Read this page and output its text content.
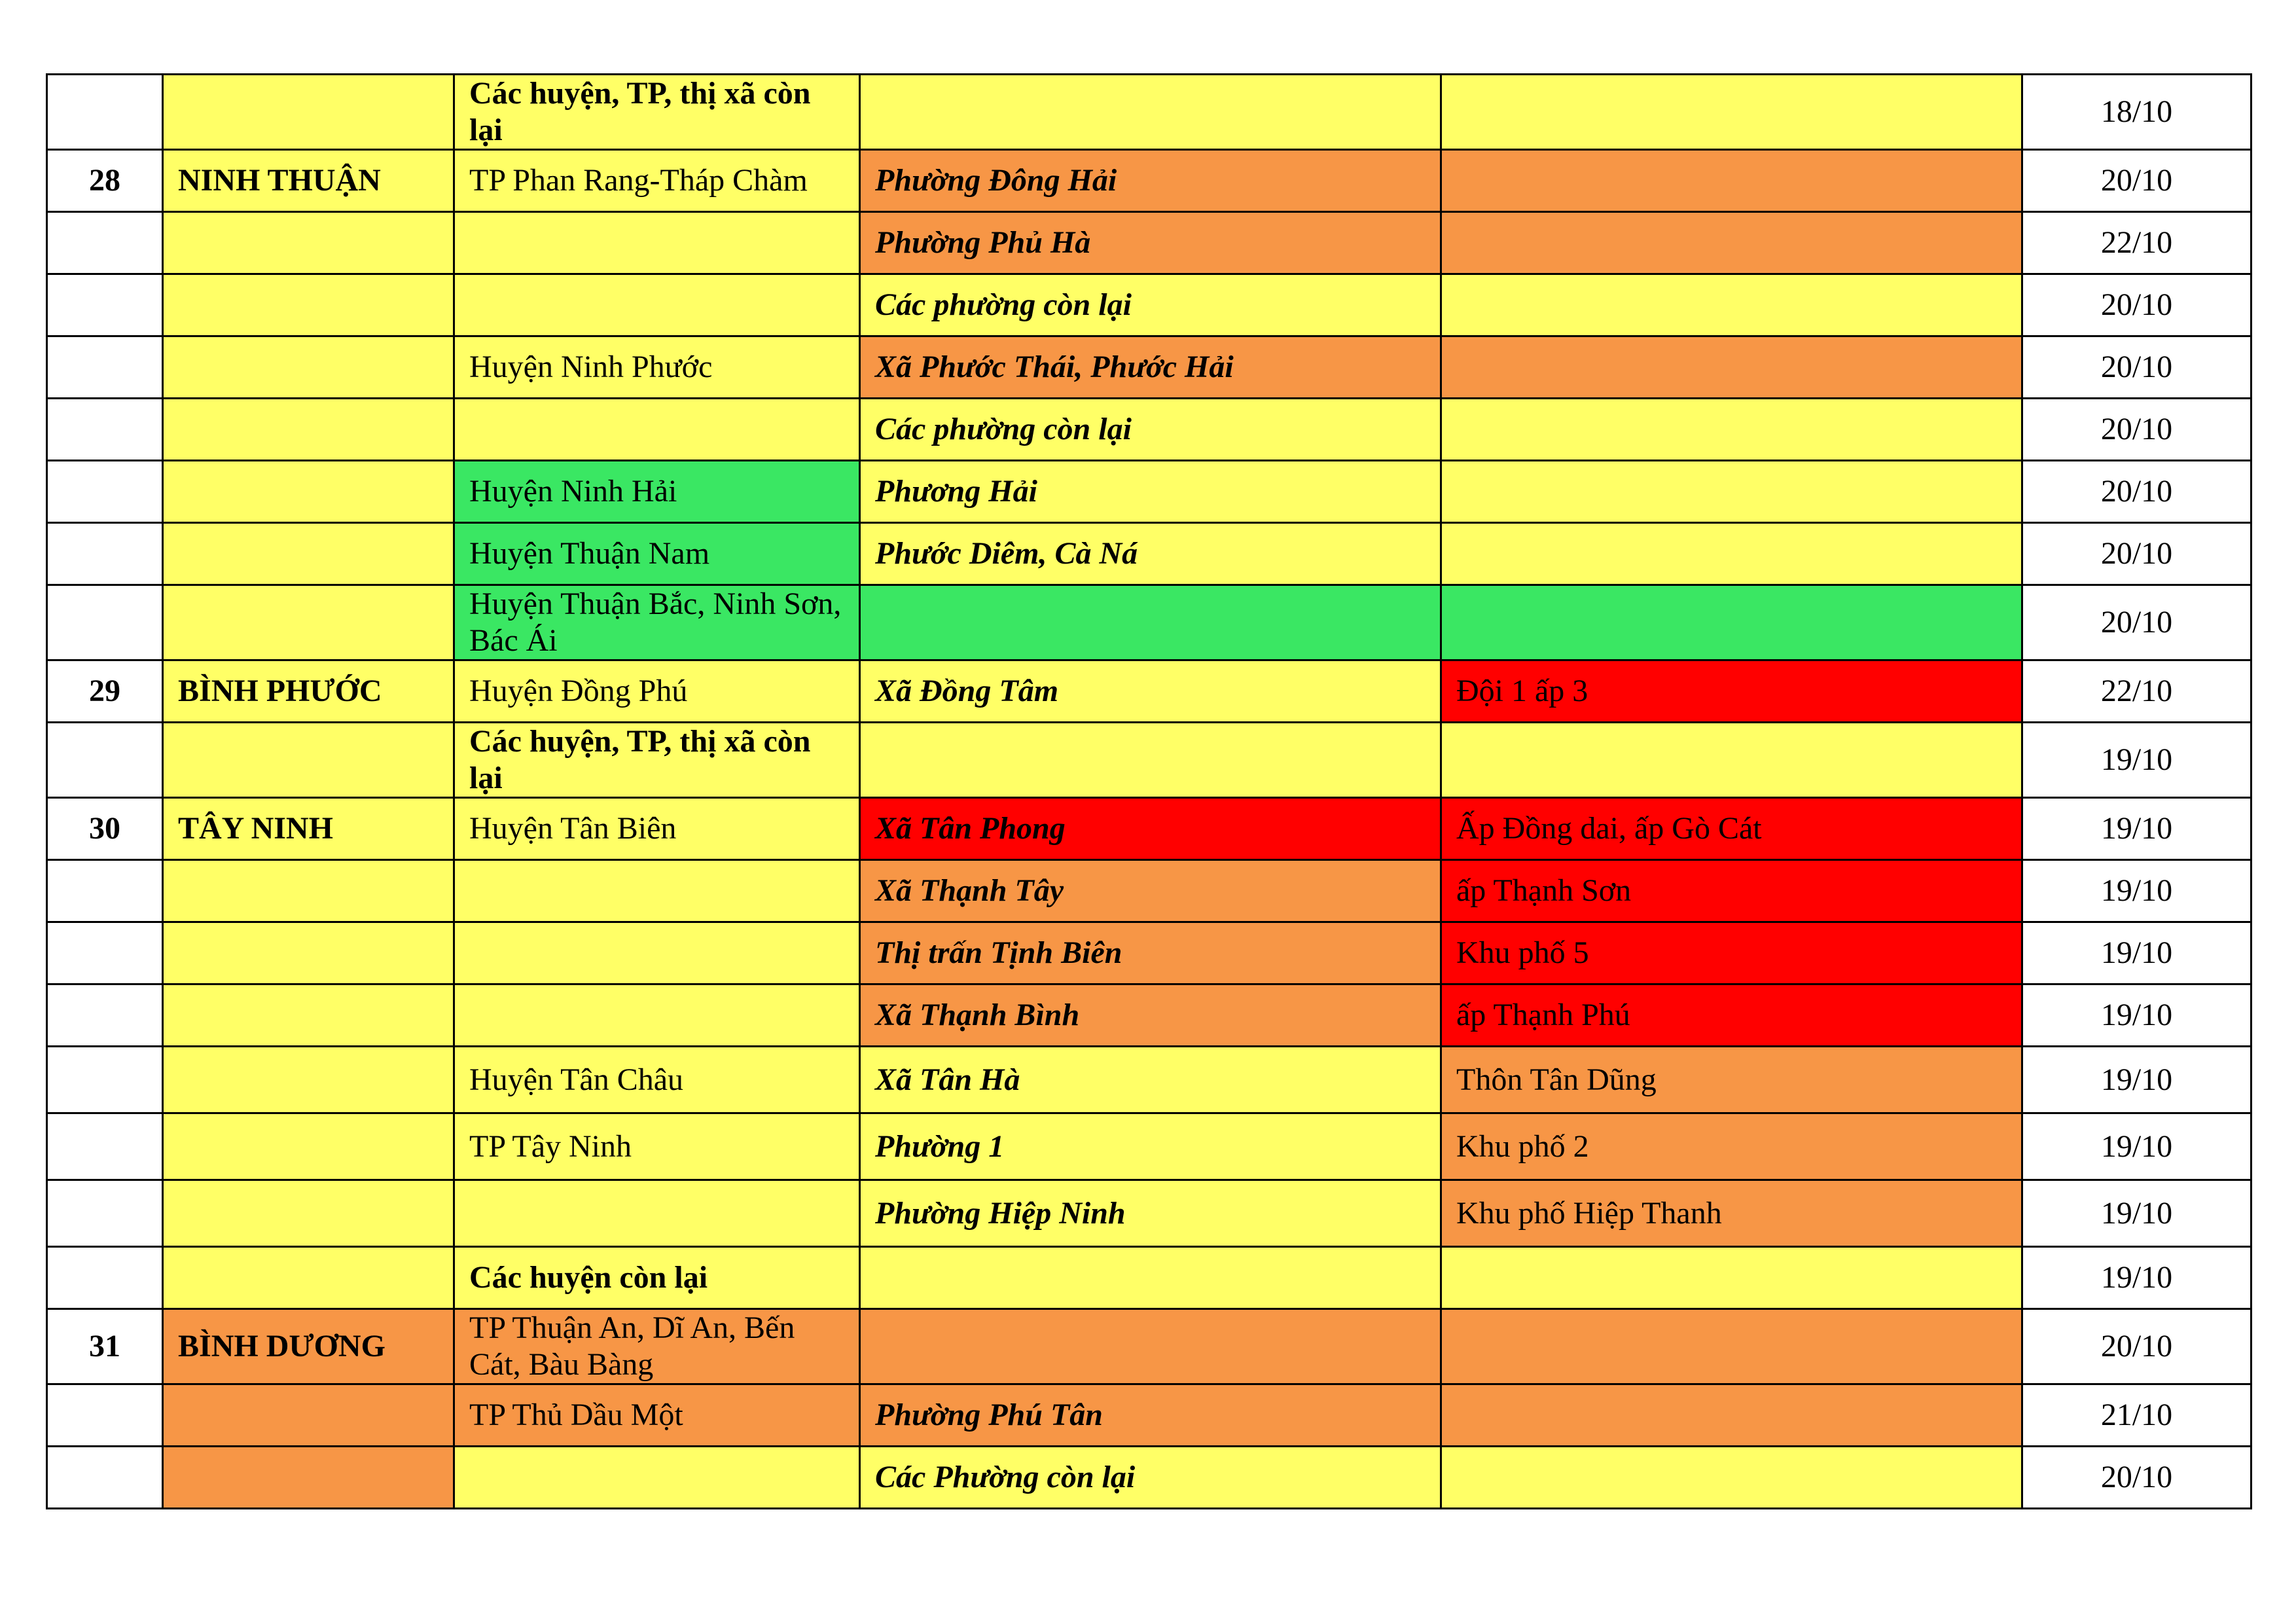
		Các huyện, TP, thị xã còn lại			18/10
28	NINH THUẬN	TP Phan Rang-Tháp Chàm	Phường Đông Hải		20/10
			Phường Phủ Hà		22/10
			Các phường còn lại		20/10
		Huyện Ninh Phước	Xã Phước Thái, Phước Hải		20/10
			Các phường còn lại		20/10
		Huyện Ninh Hải	Phương Hải		20/10
		Huyện Thuận Nam	Phước Diêm, Cà Ná		20/10
		Huyện Thuận Bắc, Ninh Sơn, Bác Ái			20/10
29	BÌNH PHƯỚC	Huyện Đồng Phú	Xã Đồng Tâm	Đội 1 ấp 3	22/10
		Các huyện, TP, thị xã còn lại			19/10
30	TÂY NINH	Huyện Tân Biên	Xã Tân Phong	Ấp Đồng dai, ấp Gò Cát	19/10
			Xã Thạnh Tây	ấp Thạnh Sơn	19/10
			Thị trấn Tịnh Biên	Khu phố 5	19/10
			Xã Thạnh Bình	ấp Thạnh Phú	19/10
		Huyện Tân Châu	Xã Tân Hà	Thôn Tân Dũng	19/10
		TP Tây Ninh	Phường 1	Khu phố 2	19/10
			Phường Hiệp Ninh	Khu phố Hiệp Thanh	19/10
		Các huyện còn lại			19/10
31	BÌNH DƯƠNG	TP Thuận An, Dĩ An, Bến Cát, Bàu Bàng			20/10
		TP Thủ Dầu Một	Phường Phú Tân		21/10
			Các Phường còn lại		20/10
